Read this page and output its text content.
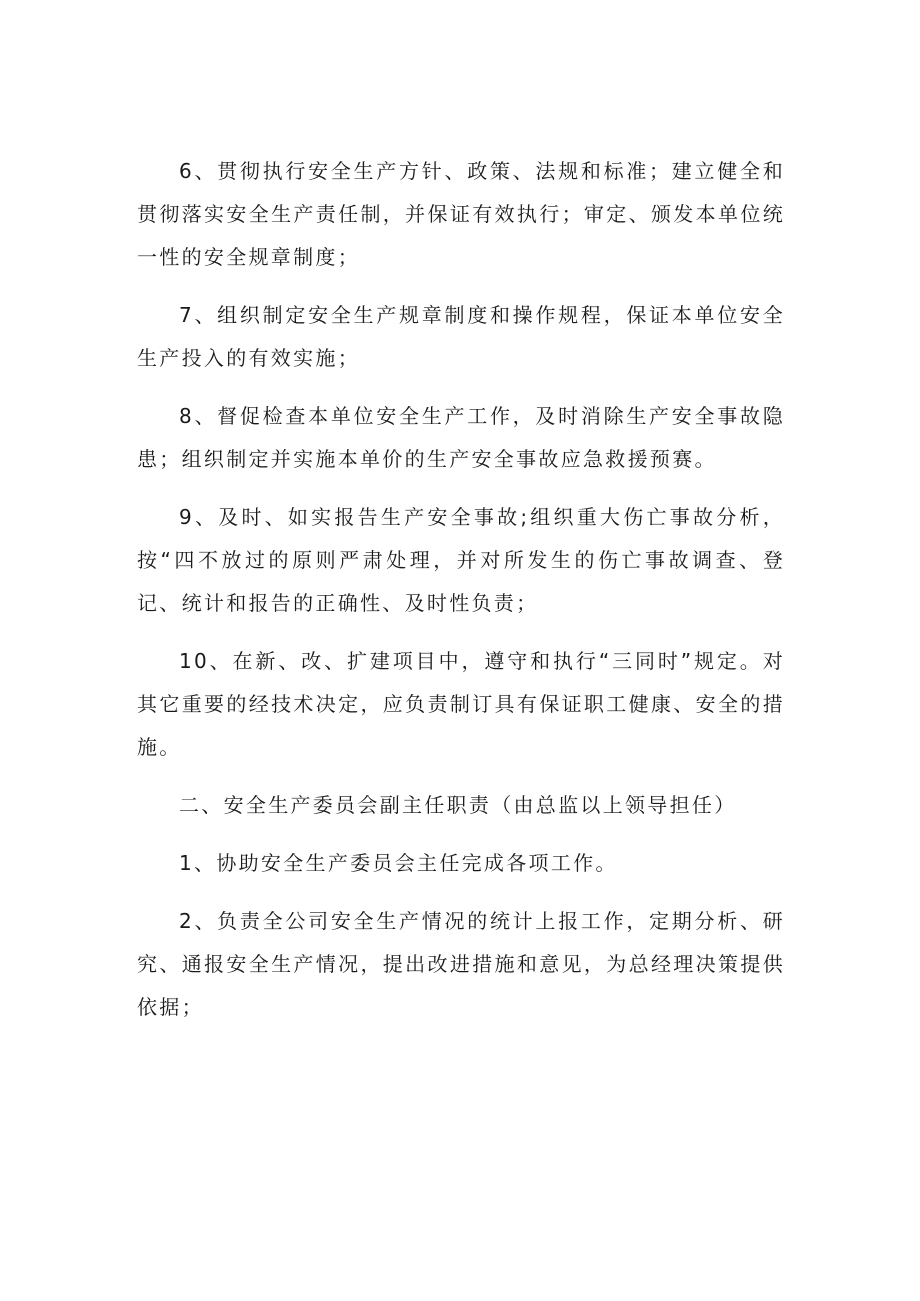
6、贯彻执行安全生产方针、政策、法规和标准；建立健全和贯彻落实安全生产责任制，并保证有效执行；审定、颁发本单位统一性的安全规章制度；

7、组织制定安全生产规章制度和操作规程，保证本单位安全生产投入的有效实施；

8、督促检查本单位安全生产工作，及时消除生产安全事故隐患；组织制定并实施本单价的生产安全事故应急救援预赛。

9、及时、如实报告生产安全事故;组织重大伤亡事故分析，按“四不放过的原则严肃处理，并对所发生的伤亡事故调查、登记、统计和报告的正确性、及时性负责；

10、在新、改、扩建项目中，遵守和执行“三同时”规定。对其它重要的经技术决定，应负责制订具有保证职工健康、安全的措施。

二、安全生产委员会副主任职责（由总监以上领导担任）

1、协助安全生产委员会主任完成各项工作。

2、负责全公司安全生产情况的统计上报工作，定期分析、研究、通报安全生产情况，提出改进措施和意见，为总经理决策提供依据；
